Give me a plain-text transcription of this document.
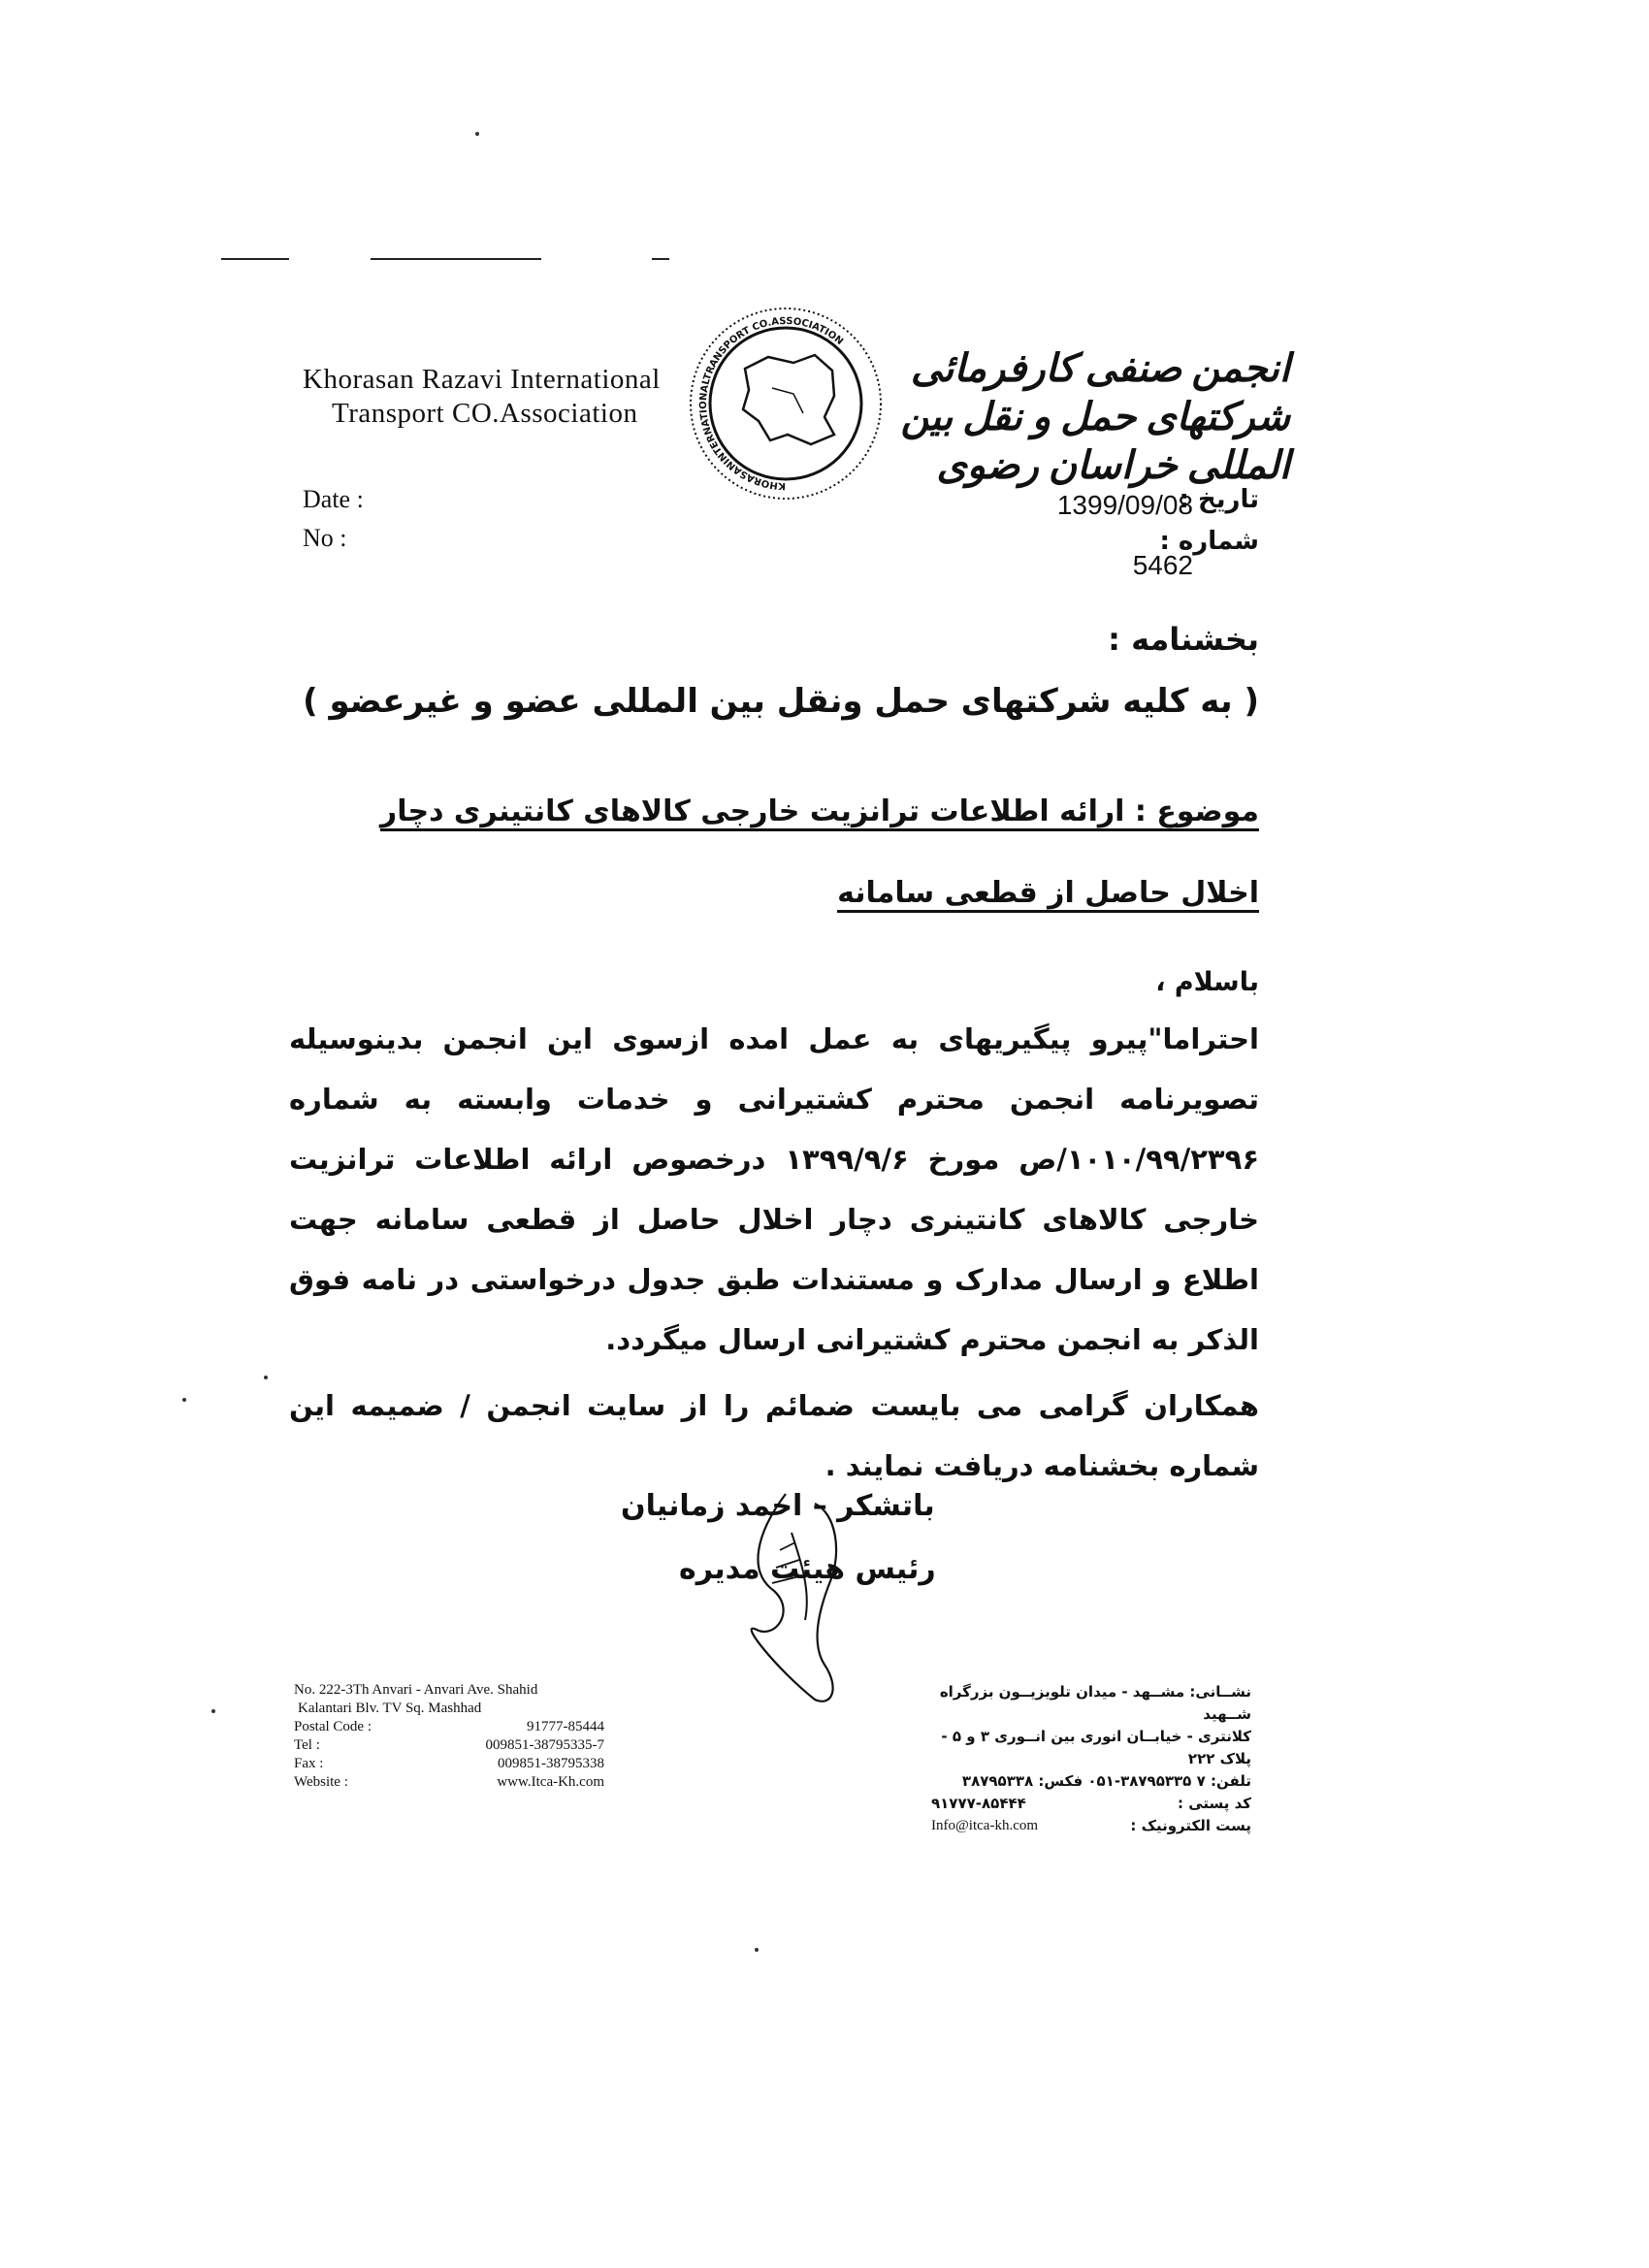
Khorasan Razavi International
Transport CO.Association
KHORASANINTERNATIONALTRANSPORT CO.ASSOCIATION
انجمن صنفی کارفرمائی شرکتهای حمل و نقل بین المللی خراسان رضوی
Date :
No :
تاریخ :
شماره :
1399/09/08
5462
بخشنامه :
( به کلیه شرکتهای حمل ونقل بین المللی عضو و غیرعضو )
موضوع : ارائه اطلاعات ترانزیت خارجی کالاهای کانتینری دچار اخلال حاصل از قطعی سامانه
باسلام ،

احتراما"پیرو پیگیریهای به عمل امده ازسوی این انجمن بدینوسیله تصویرنامه انجمن محترم کشتیرانی و خدمات وابسته به شماره ۱۰۱۰/۹۹/۲۳۹۶/ص مورخ ۱۳۹۹/۹/۶ درخصوص ارائه اطلاعات ترانزیت خارجی کالاهای کانتینری دچار اخلال حاصل از قطعی سامانه جهت اطلاع و ارسال مدارک و مستندات طبق جدول درخواستی در نامه فوق الذکر به انجمن محترم کشتیرانی ارسال میگردد.

همکاران گرامی می بایست ضمائم را از سایت انجمن / ضمیمه این شماره بخشنامه دریافت نمایند .

باتشکر – احمد زمانیان
رئیس هیئت مدیره
No. 222-3Th Anvari - Anvari Ave. Shahid
Kalantari Blv. TV Sq. Mashhad
Postal Code :	91777-85444
Tel :	009851-38795335-7
Fax :	009851-38795338
Website :	www.Itca-Kh.com
نشــانی: مشــهد - میدان تلویزیــون بزرگراه شــهید
کلانتری - خیابــان انوری بین انــوری ۳ و ۵ - پلاک ۲۲۲
تلفن: ۷ ۳۸۷۹۵۳۳۵-۰۵۱ فکس: ۳۸۷۹۵۳۳۸
کد پستی :
۹۱۷۷۷-۸۵۴۴۴
پست الکترونیک :
Info@itca-kh.com
